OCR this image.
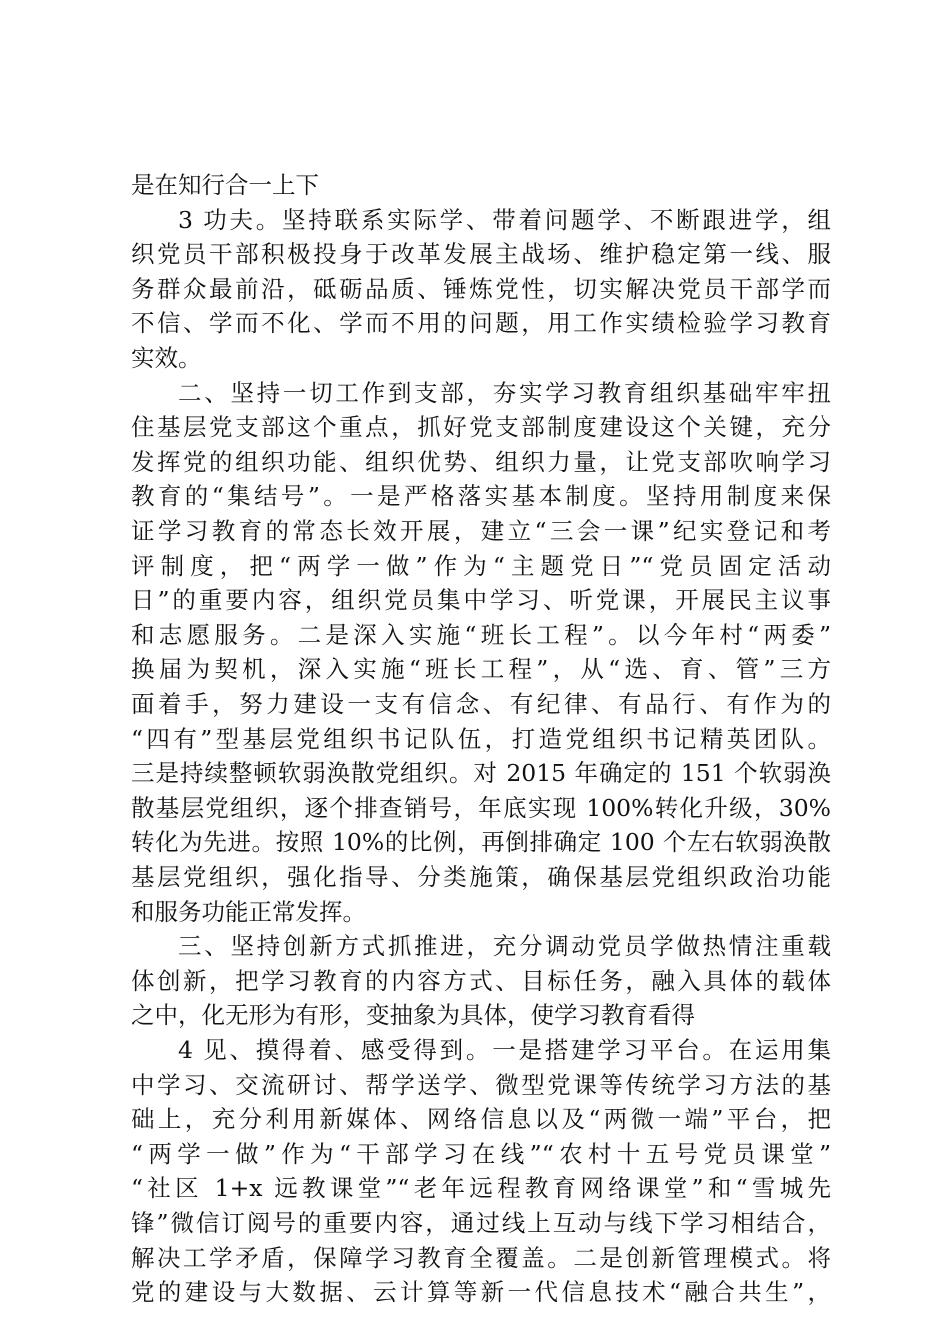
是在知行合一上下
3 功夫。坚持联系实际学、带着问题学、不断跟进学，组
织党员干部积极投身于改革发展主战场、维护稳定第一线、服
务群众最前沿，砥砺品质、锤炼党性，切实解决党员干部学而
不信、学而不化、学而不用的问题，用工作实绩检验学习教育
实效。
二、坚持一切工作到支部，夯实学习教育组织基础牢牢扭
住基层党支部这个重点，抓好党支部制度建设这个关键，充分
发挥党的组织功能、组织优势、组织力量，让党支部吹响学习
教育的“集结号”。一是严格落实基本制度。坚持用制度来保
证学习教育的常态长效开展，建立“三会一课”纪实登记和考
评制度，把“两学一做”作为“主题党日”“党员固定活动
日”的重要内容，组织党员集中学习、听党课，开展民主议事
和志愿服务。二是深入实施“班长工程”。以今年村“两委”
换届为契机，深入实施“班长工程”，从“选、育、管”三方
面着手，努力建设一支有信念、有纪律、有品行、有作为的
“四有”型基层党组织书记队伍，打造党组织书记精英团队。
三是持续整顿软弱涣散党组织。对 2015 年确定的 151 个软弱涣
散基层党组织，逐个排查销号，年底实现 100%转化升级，30%
转化为先进。按照 10%的比例，再倒排确定 100 个左右软弱涣散
基层党组织，强化指导、分类施策，确保基层党组织政治功能
和服务功能正常发挥。
三、坚持创新方式抓推进，充分调动党员学做热情注重载
体创新，把学习教育的内容方式、目标任务，融入具体的载体
之中，化无形为有形，变抽象为具体，使学习教育看得
4 见、摸得着、感受得到。一是搭建学习平台。在运用集
中学习、交流研讨、帮学送学、微型党课等传统学习方法的基
础上，充分利用新媒体、网络信息以及“两微一端”平台，把
“两学一做”作为“干部学习在线”“农村十五号党员课堂”
“社区 1+x 远教课堂”“老年远程教育网络课堂”和“雪城先
锋”微信订阅号的重要内容，通过线上互动与线下学习相结合，
解决工学矛盾，保障学习教育全覆盖。二是创新管理模式。将
党的建设与大数据、云计算等新一代信息技术“融合共生”，
